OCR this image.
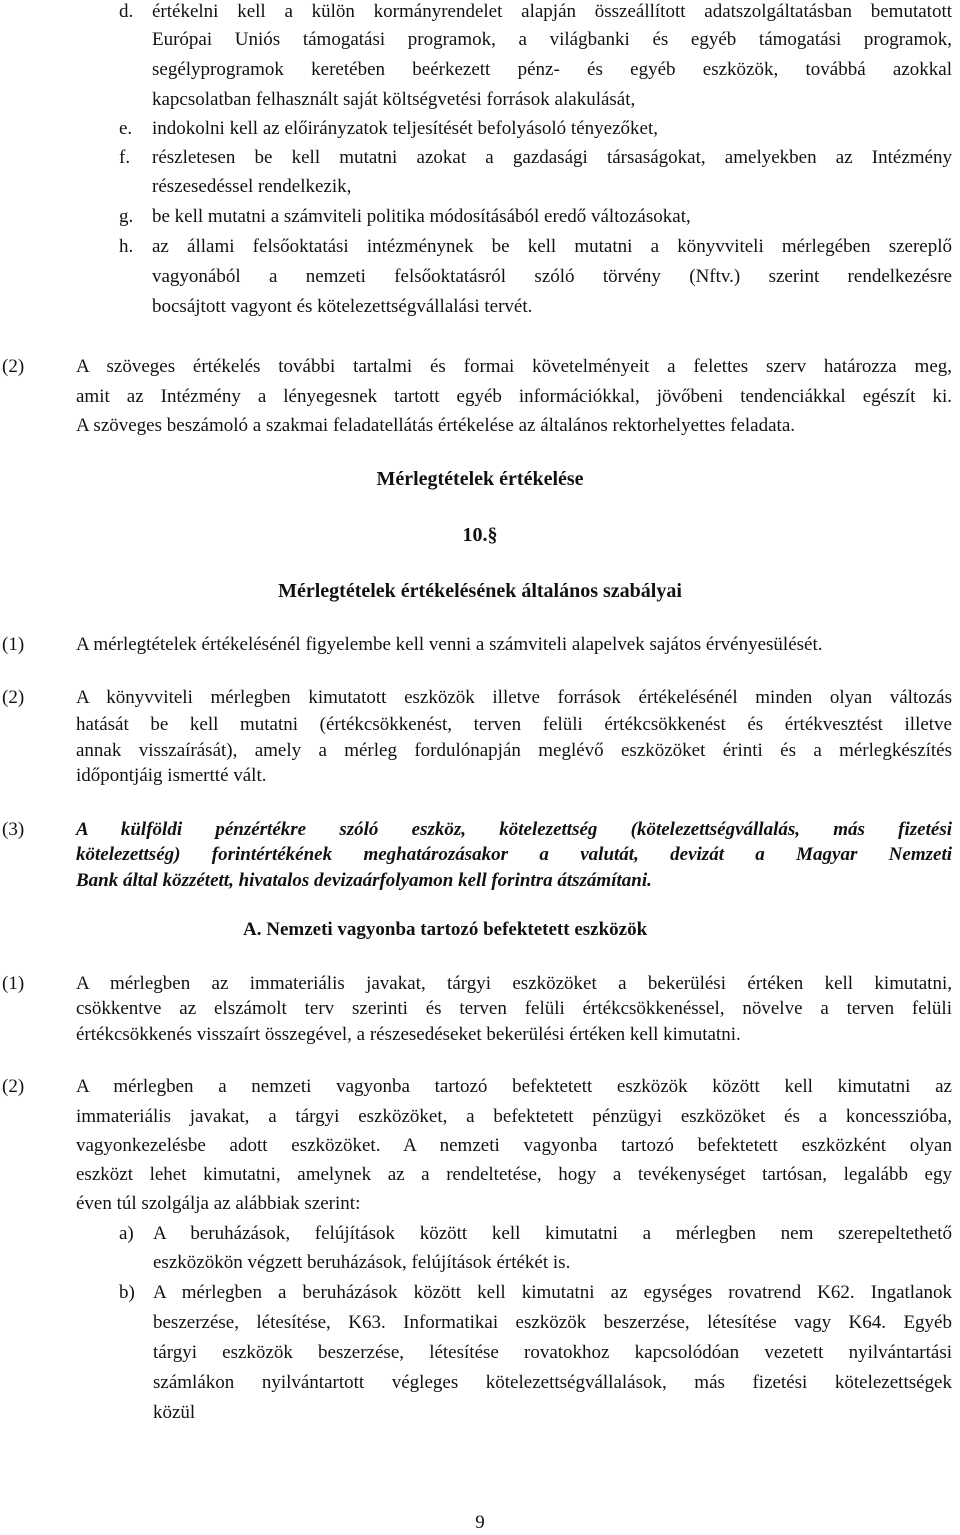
d. értékelni kell a külön kormányrendelet alapján összeállított adatszolgáltatásban bemutatott
Európai Uniós támogatási programok, a világbanki és egyéb támogatási programok,
segélyprogramok keretében beérkezett pénz- és egyéb eszközök, továbbá azokkal
kapcsolatban felhasznált saját költségvetési források alakulását,
e. indokolni kell az előirányzatok teljesítését befolyásoló tényezőket,
f. részletesen be kell mutatni azokat a gazdasági társaságokat, amelyekben az Intézmény
részesedéssel rendelkezik,
g. be kell mutatni a számviteli politika módosításából eredő változásokat,
h. az állami felsőoktatási intézménynek be kell mutatni a könyvviteli mérlegében szereplő
vagyonából a nemzeti felsőoktatásról szóló törvény (Nftv.) szerint rendelkezésre
bocsájtott vagyont és kötelezettségvállalási tervét.
(2)	A szöveges értékelés további tartalmi és formai követelményeit a felettes szerv határozza meg,
amit az Intézmény a lényegesnek tartott egyéb információkkal, jövőbeni tendenciákkal egészít ki.
A szöveges beszámoló a szakmai feladatellátás értékelése az általános rektorhelyettes feladata.
Mérlegtételek értékelése
10.§
Mérlegtételek értékelésének általános szabályai
(1)	A mérlegtételek értékelésénél figyelembe kell venni a számviteli alapelvek sajátos érvényesülését.
(2)	A könyvviteli mérlegben kimutatott eszközök illetve források értékelésénél minden olyan változás
hatását be kell mutatni (értékcsökkenést, terven felüli értékcsökkenést és értékvesztést illetve
annak visszaírását), amely a mérleg fordulónapján meglévő eszközöket érinti és a mérlegkészítés
időpontjáig ismertté vált.
(3)	A külföldi pénzértékre szóló eszköz, kötelezettség (kötelezettségvállalás, más fizetési
kötelezettség) forintértékének meghatározásakor a valutát, devizát a Magyar Nemzeti
Bank által közzétett, hivatalos devizaárfolyamon kell forintra átszámítani.
A. Nemzeti vagyonba tartozó befektetett eszközök
(1)	A mérlegben az immateriális javakat, tárgyi eszközöket a bekerülési értéken kell kimutatni,
csökkentve az elszámolt terv szerinti és terven felüli értékcsökkenéssel, növelve a terven felüli
értékcsökkenés visszaírt összegével, a részesedéseket bekerülési értéken kell kimutatni.
(2)	A mérlegben a nemzeti vagyonba tartozó befektetett eszközök között kell kimutatni az
immateriális javakat, a tárgyi eszközöket, a befektetett pénzügyi eszközöket és a koncesszióba,
vagyonkezelésbe adott eszközöket. A nemzeti vagyonba tartozó befektetett eszközként olyan
eszközt lehet kimutatni, amelynek az a rendeltetése, hogy a tevékenységet tartósan, legalább egy
éven túl szolgálja az alábbiak szerint:
a) A beruházások, felújítások között kell kimutatni a mérlegben nem szerepeltethető
eszközökön végzett beruházások, felújítások értékét is.
b) A mérlegben a beruházások között kell kimutatni az egységes rovatrend K62. Ingatlanok
beszerzése, létesítése, K63. Informatikai eszközök beszerzése, létesítése vagy K64. Egyéb
tárgyi eszközök beszerzése, létesítése rovatokhoz kapcsolódóan vezetett nyilvántartási
számlákon nyilvántartott végleges kötelezettségvállalások, más fizetési kötelezettségek
közül
9
